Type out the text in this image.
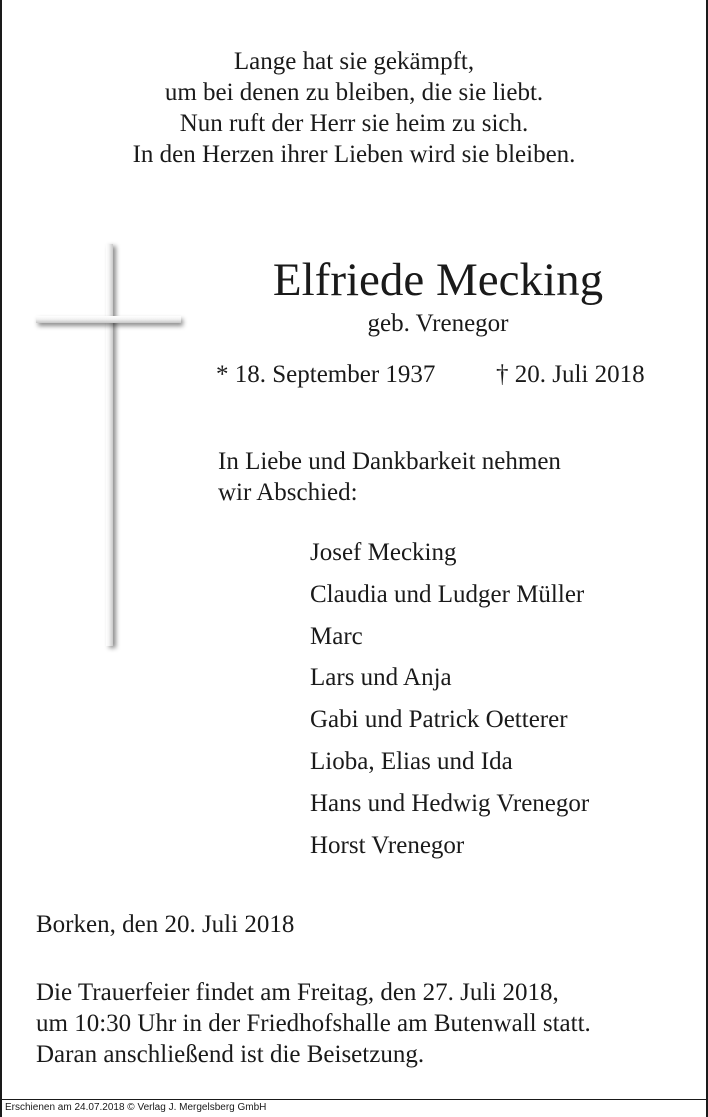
Lange hat sie gekämpft,
um bei denen zu bleiben, die sie liebt.
Nun ruft der Herr sie heim zu sich.
In den Herzen ihrer Lieben wird sie bleiben.
Elfriede Mecking
geb. Vrenegor
* 18. September 1937 † 20. Juli 2018
In Liebe und Dankbarkeit nehmen
wir Abschied:
Josef Mecking
Claudia und Ludger Müller
Marc
Lars und Anja
Gabi und Patrick Oetterer
Lioba, Elias und Ida
Hans und Hedwig Vrenegor
Horst Vrenegor
Borken, den 20. Juli 2018
Die Trauerfeier findet am Freitag, den 27. Juli 2018,
um 10:30 Uhr in der Friedhofshalle am Butenwall statt.
Daran anschließend ist die Beisetzung.
Erschienen am 24.07.2018 © Verlag J. Mergelsberg GmbH
